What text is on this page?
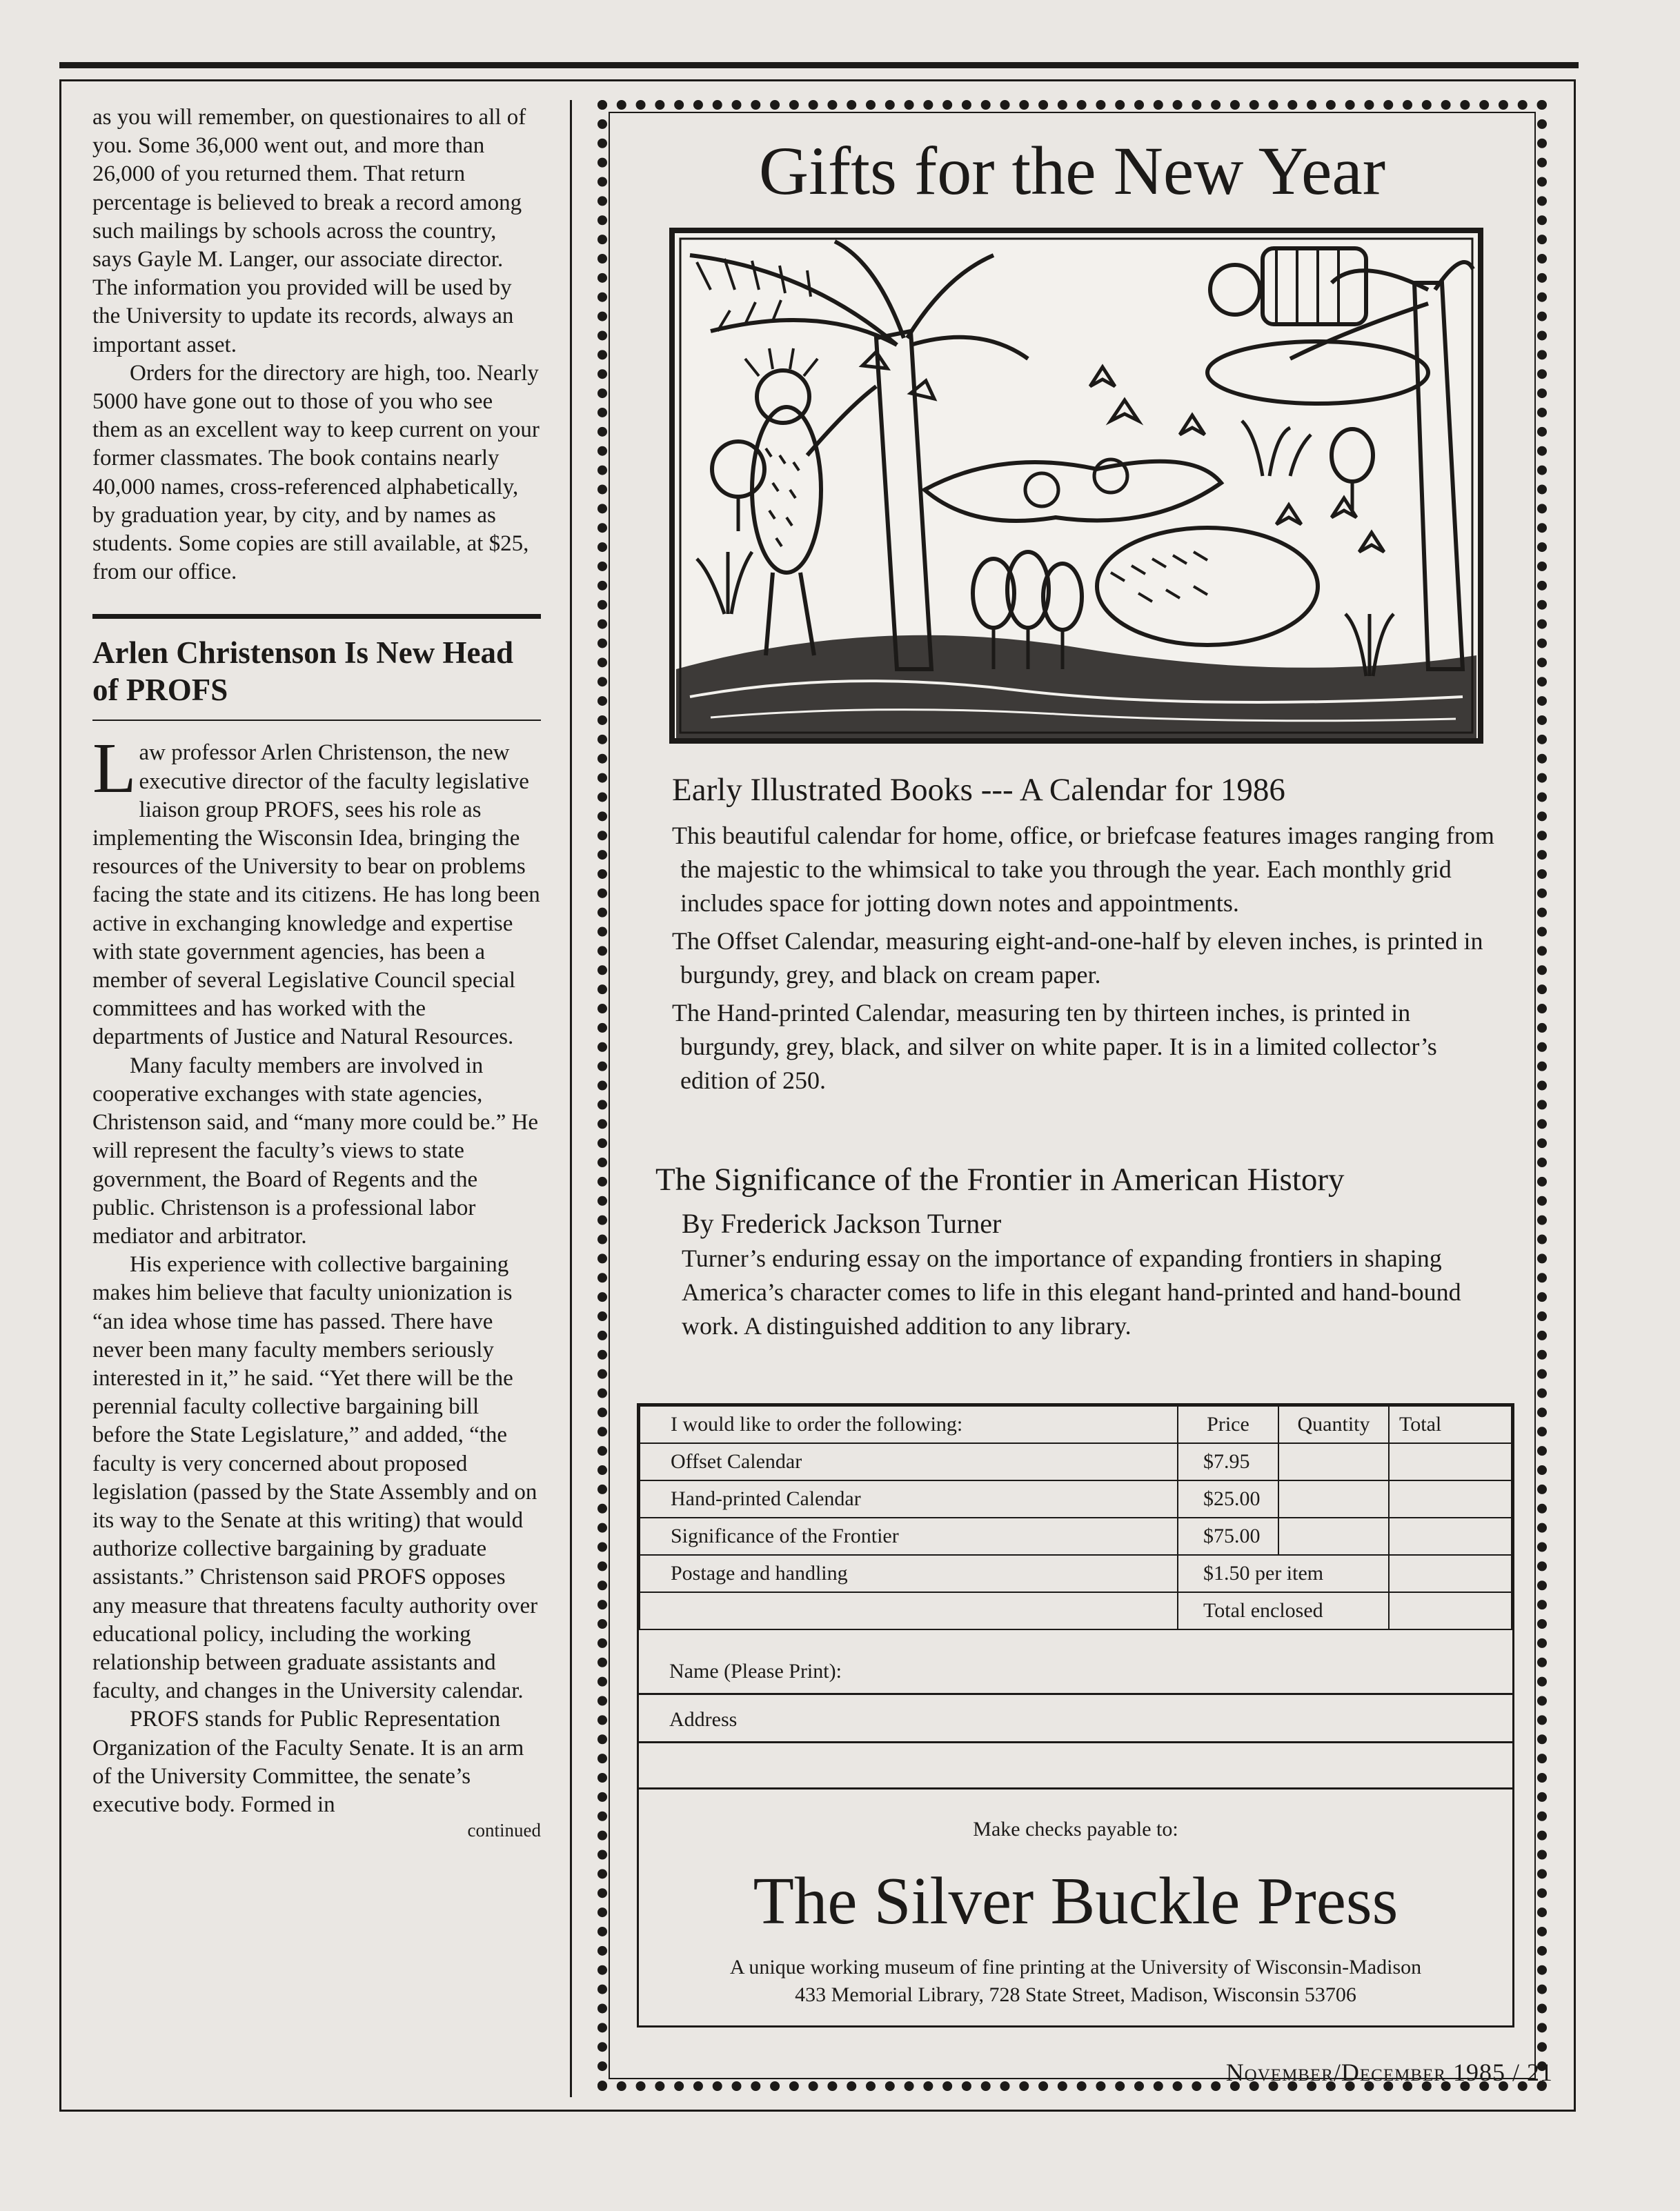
as you will remember, on questionaires to all of you. Some 36,000 went out, and more than 26,000 of you returned them. That return percentage is believed to break a record among such mailings by schools across the country, says Gayle M. Langer, our associate director. The information you provided will be used by the University to update its records, always an important asset.

Orders for the directory are high, too. Nearly 5000 have gone out to those of you who see them as an excellent way to keep current on your former classmates. The book contains nearly 40,000 names, cross-referenced alphabetically, by graduation year, by city, and by names as students. Some copies are still available, at $25, from our office.

Arlen Christenson Is New Head of PROFS

Law professor Arlen Christenson, the new executive director of the faculty legislative liaison group PROFS, sees his role as implementing the Wisconsin Idea, bringing the resources of the University to bear on problems facing the state and its citizens. He has long been active in exchanging knowledge and expertise with state government agencies, has been a member of several Legislative Council special committees and has worked with the departments of Justice and Natural Resources.

Many faculty members are involved in cooperative exchanges with state agencies, Christenson said, and “many more could be.” He will represent the faculty’s views to state government, the Board of Regents and the public. Christenson is a professional labor mediator and arbitrator.

His experience with collective bargaining makes him believe that faculty unionization is “an idea whose time has passed. There have never been many faculty members seriously interested in it,” he said. “Yet there will be the perennial faculty collective bargaining bill before the State Legislature,” and added, “the faculty is very concerned about proposed legislation (passed by the State Assembly and on its way to the Senate at this writing) that would authorize collective bargaining by graduate assistants.” Christenson said PROFS opposes any measure that threatens faculty authority over educational policy, including the working relationship between graduate assistants and faculty, and changes in the University calendar.

PROFS stands for Public Representation Organization of the Faculty Senate. It is an arm of the University Committee, the senate’s executive body. Formed in

continued
Gifts for the New Year
Early Illustrated Books --- A Calendar for 1986

This beautiful calendar for home, office, or briefcase features images ranging from the majestic to the whimsical to take you through the year. Each monthly grid includes space for jotting down notes and appointments.

The Offset Calendar, measuring eight-and-one-half by eleven inches, is printed in burgundy, grey, and black on cream paper.

The Hand-printed Calendar, measuring ten by thirteen inches, is printed in burgundy, grey, black, and silver on white paper. It is in a limited collector’s edition of 250.

The Significance of the Frontier in American History

By Frederick Jackson Turner

Turner’s enduring essay on the importance of expanding frontiers in shaping America’s character comes to life in this elegant hand-printed and hand-bound work. A distinguished addition to any library.

I would like to order the following:	Price	Quantity	Total
Offset Calendar	$7.95		
Hand-printed Calendar	$25.00		
Significance of the Frontier	$75.00		
Postage and handling	$1.50 per item		
	Total enclosed		
Name (Please Print):
Address
Make checks payable to:
The Silver Buckle Press
A unique working museum of fine printing at the University of Wisconsin-Madison
433 Memorial Library, 728 State Street, Madison, Wisconsin 53706
November/December 1985 / 21
